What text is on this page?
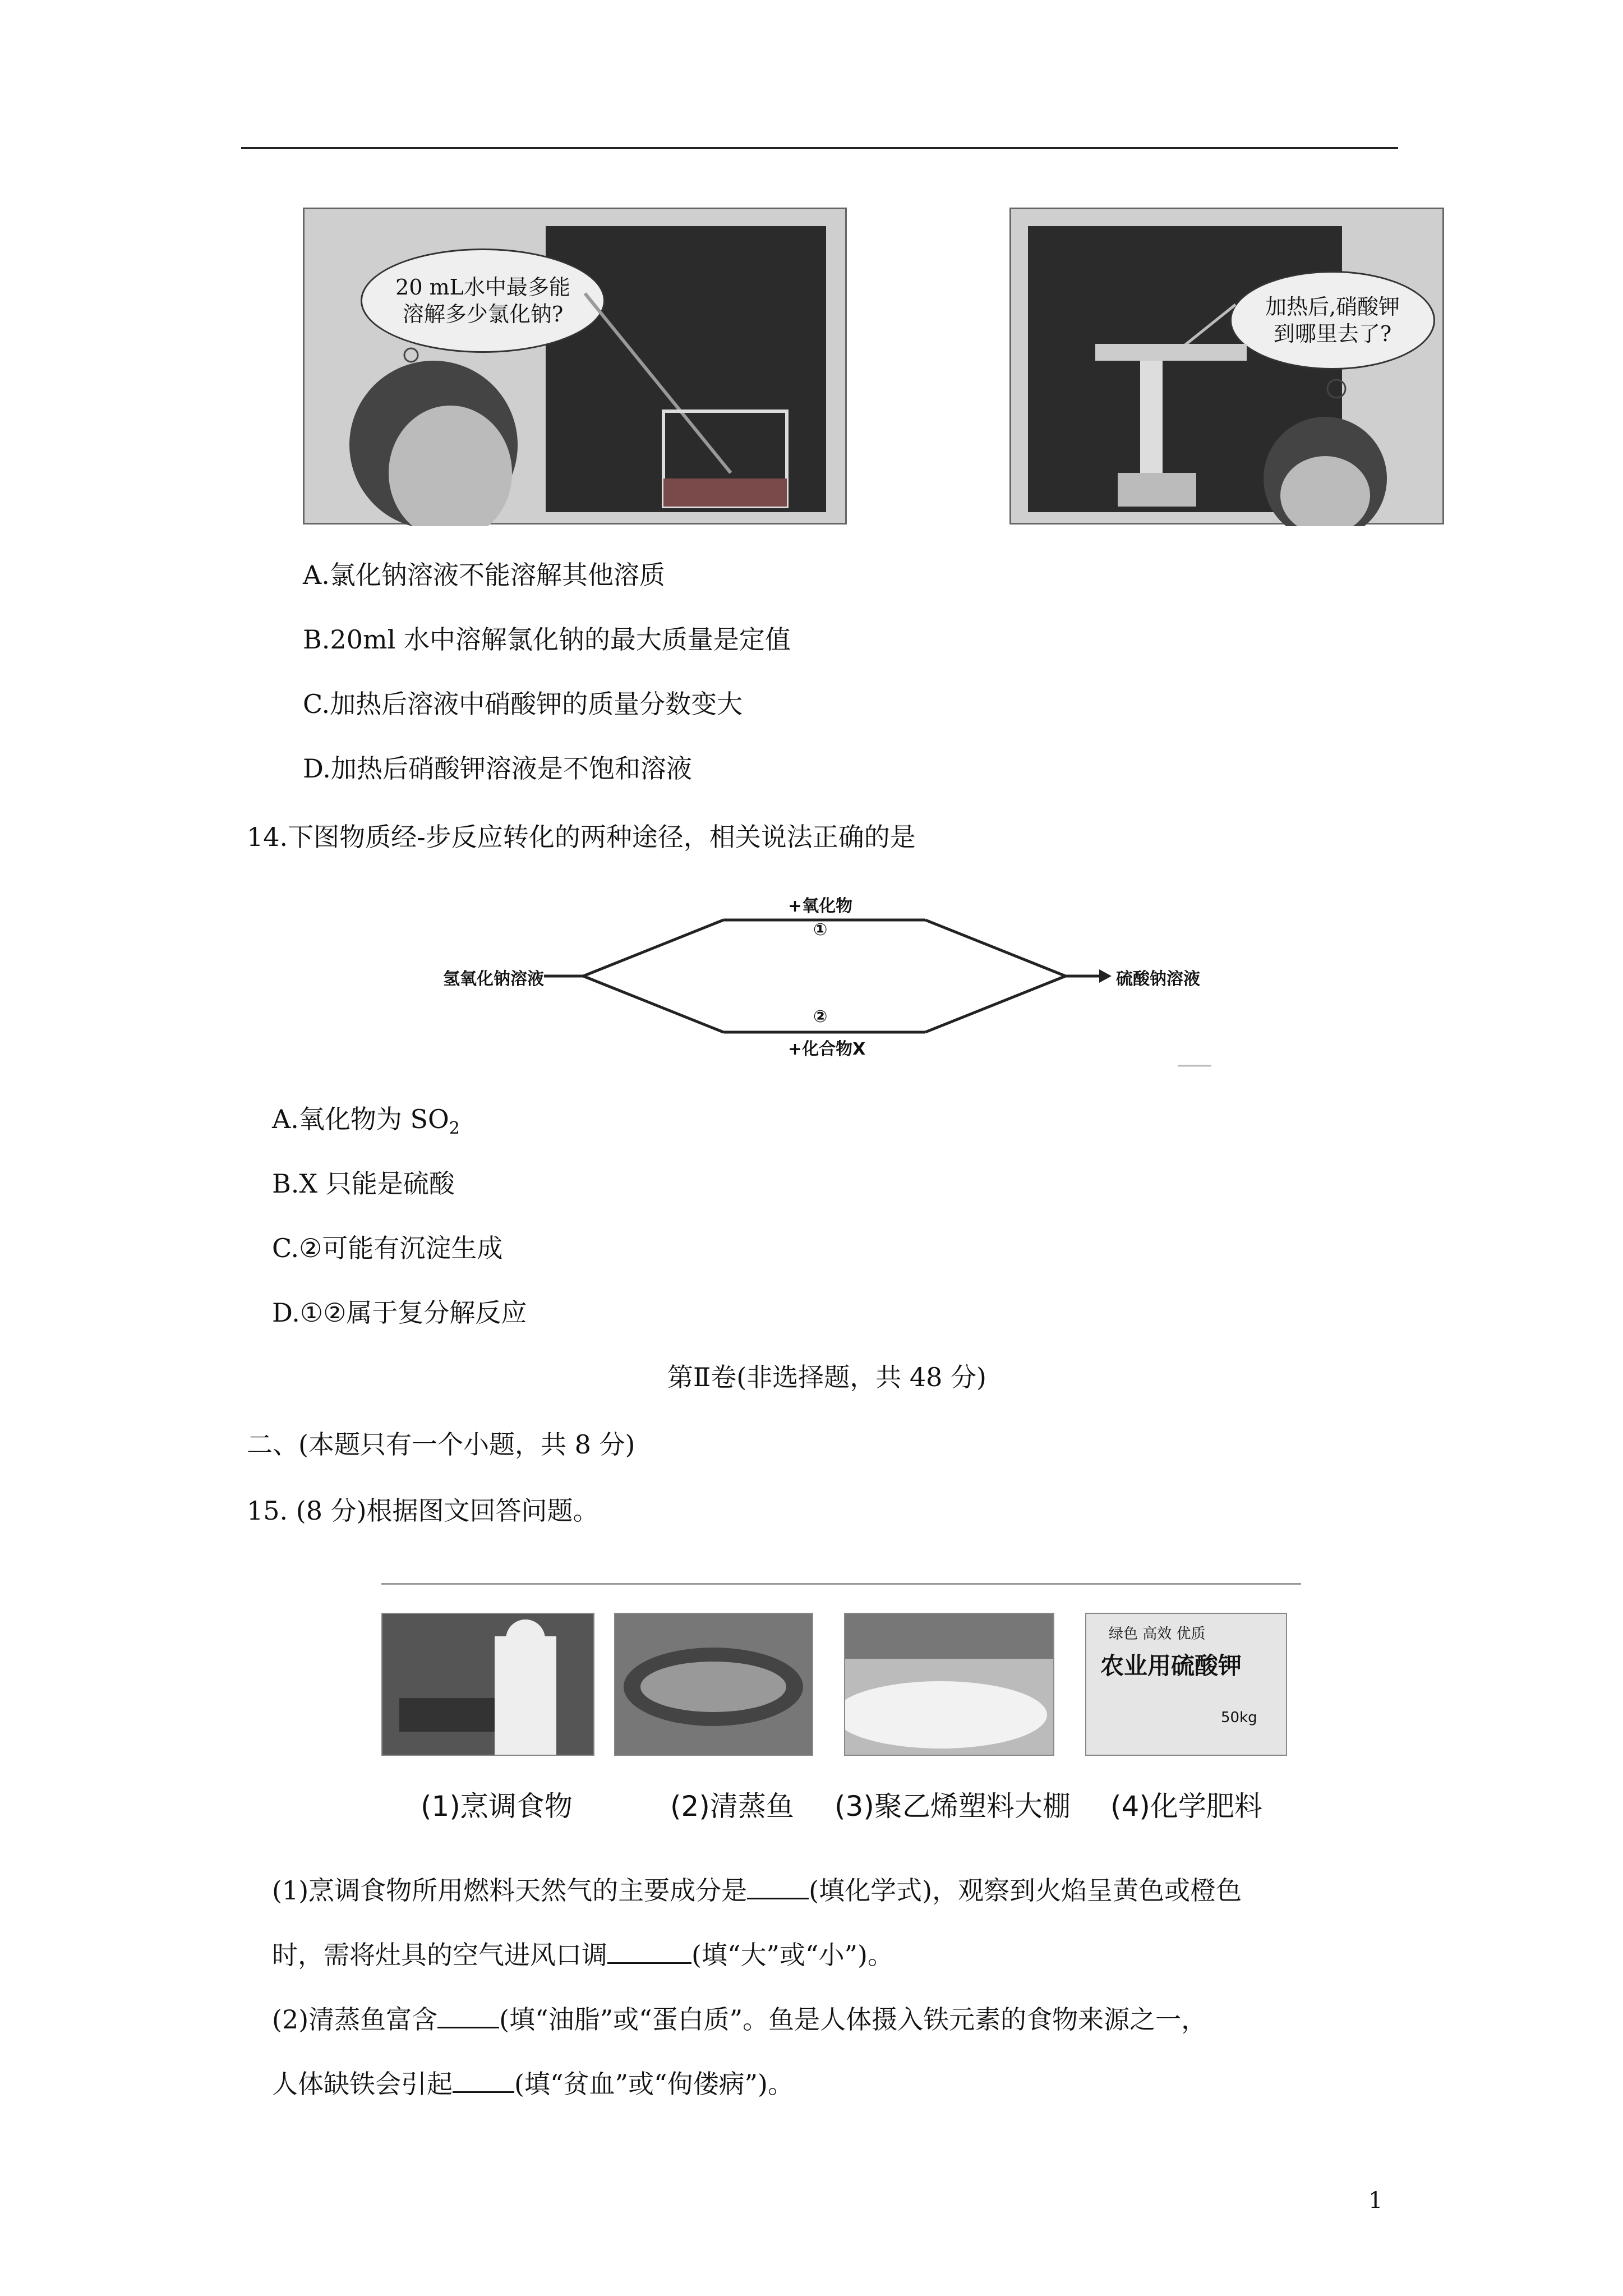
20 mL水中最多能
溶解多少氯化钠?	加热后,硝酸钾
到哪里去了?
A.氯化钠溶液不能溶解其他溶质
B.20ml 水中溶解氯化钠的最大质量是定值
C.加热后溶液中硝酸钾的质量分数变大
D.加热后硝酸钾溶液是不饱和溶液
14.下图物质经-步反应转化的两种途径，相关说法正确的是
氢氧化钠溶液	硫酸钠溶液
+氧化物
①
②
+化合物X
A.氧化物为 $SO_2$
B.X 只能是硫酸
C.②可能有沉淀生成
D.①②属于复分解反应
第Ⅱ卷(非选择题，共 48 分)
二、(本题只有一个小题，共 8 分)
15. (8 分)根据图文回答问题。
绿色 高效 优质
农业用硫酸钾
50kg
(1)烹调食物	(2)清蒸鱼 (3)聚乙烯塑料大棚 (4)化学肥料
(1)烹调食物所用燃料天然气的主要成分是 (填化学式)，观察到火焰呈黄色或橙色
时，需将灶具的空气进风口调	(填“大”或“小”)。
(2)清蒸鱼富含 (填“油脂”或“蛋白质”。鱼是人体摄入铁元素的食物来源之一，
人体缺铁会引起 (填“贫血”或“佝偻病”)。
1
